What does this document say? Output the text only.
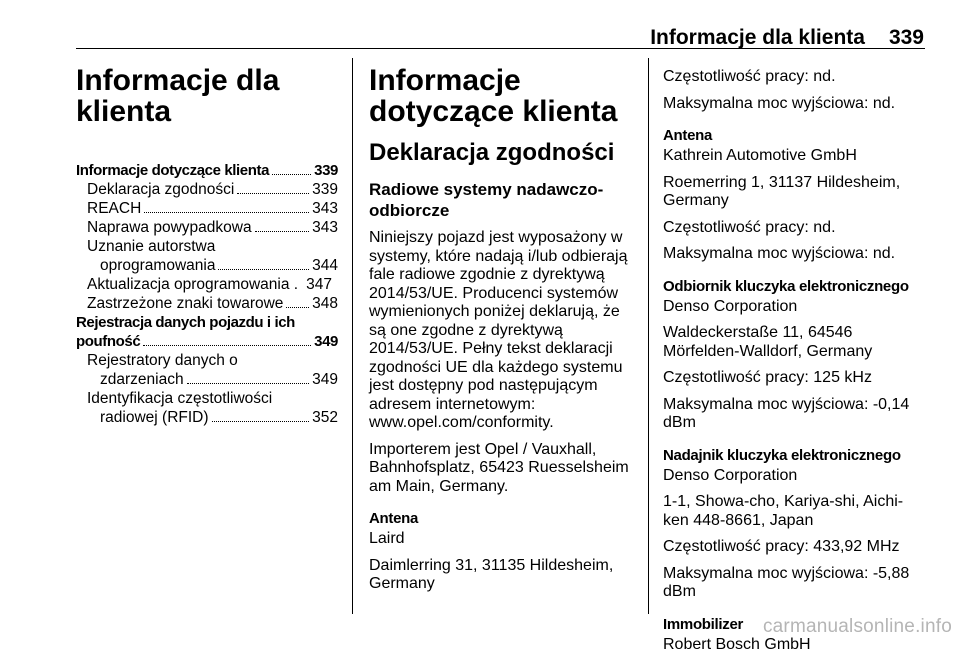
Informacje dla klienta 339
Informacje dla klienta
Informacje dotyczące klienta	339
Deklaracja zgodności	339
REACH	343
Naprawa powypadkowa	343
Uznanie autorstwa
oprogramowania	344
Aktualizacja oprogramowania . 347
Zastrzeżone znaki towarowe 348
Rejestracja danych pojazdu i ich
poufność	349
Rejestratory danych o
zdarzeniach	349
Identyfikacja częstotliwości
radiowej (RFID)	352
Informacje dotyczące klienta
Deklaracja zgodności
Radiowe systemy nadawczo-odbiorcze

Niniejszy pojazd jest wyposażony w systemy, które nadają i/lub odbierają fale radiowe zgodnie z dyrektywą 2014/53/UE. Producenci systemów wymienionych poniżej deklarują, że są one zgodne z dyrektywą 2014/53/UE. Pełny tekst deklaracji zgodności UE dla każdego systemu jest dostępny pod następującym adresem internetowym: www.opel.com/conformity.

Importerem jest Opel / Vauxhall, Bahnhofsplatz, 65423 Ruesselsheim am Main, Germany.

Antena

Laird

Daimlerring 31, 31135 Hildesheim, Germany

Częstotliwość pracy: nd.

Maksymalna moc wyjściowa: nd.

Antena

Kathrein Automotive GmbH

Roemerring 1, 31137 Hildesheim, Germany

Częstotliwość pracy: nd.

Maksymalna moc wyjściowa: nd.

Odbiornik kluczyka elektronicznego

Denso Corporation

Waldeckerstaße 11, 64546 Mörfelden-Walldorf, Germany

Częstotliwość pracy: 125 kHz

Maksymalna moc wyjściowa: -0,14 dBm

Nadajnik kluczyka elektronicznego

Denso Corporation

1-1, Showa-cho, Kariya-shi, Aichi-ken 448-8661, Japan

Częstotliwość pracy: 433,92 MHz

Maksymalna moc wyjściowa: -5,88 dBm

Immobilizer

Robert Bosch GmbH

carmanualsonline.info
